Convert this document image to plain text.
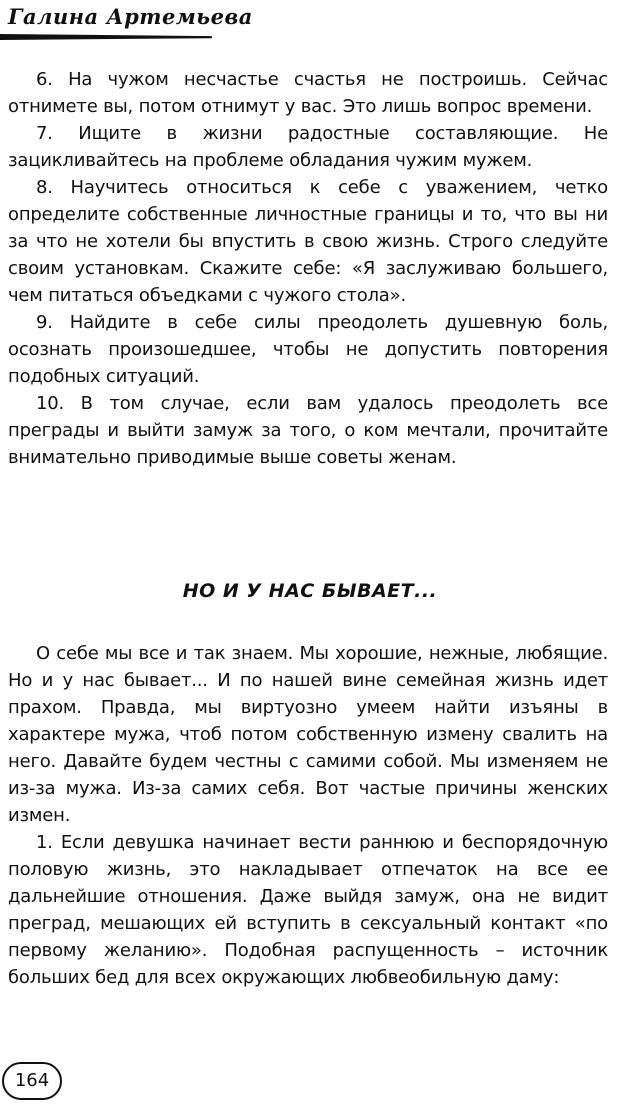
Галина Артемьева

6. На чужом несчастье счастья не построишь. Сейчас отнимете вы, потом отнимут у вас. Это лишь вопрос времени.

7. Ищите в жизни радостные составляющие. Не зацикливайтесь на проблеме обладания чужим мужем.

8. Научитесь относиться к себе с уважением, четко определите собственные личностные границы и то, что вы ни за что не хотели бы впустить в свою жизнь. Строго следуйте своим установкам. Скажите себе: «Я заслуживаю большего, чем питаться объедками с чужого стола».

9. Найдите в себе силы преодолеть душевную боль, осознать произошедшее, чтобы не допустить повторения подобных ситуаций.

10. В том случае, если вам удалось преодолеть все преграды и выйти замуж за того, о ком мечтали, прочитайте внимательно приводимые выше советы женам.

НО И У НАС БЫВАЕТ...

О себе мы все и так знаем. Мы хорошие, нежные, любящие. Но и у нас бывает... И по нашей вине семейная жизнь идет прахом. Правда, мы виртуозно умеем найти изъяны в характере мужа, чтоб потом собственную измену свалить на него. Давайте будем честны с самими собой. Мы изменяем не из-за мужа. Из-за самих себя. Вот частые причины женских измен.

1. Если девушка начинает вести раннюю и беспорядочную половую жизнь, это накладывает отпечаток на все ее дальнейшие отношения. Даже выйдя замуж, она не видит преград, мешающих ей вступить в сексуальный контакт «по первому желанию». Подобная распущенность – источник больших бед для всех окружающих любвеобильную даму:

164
